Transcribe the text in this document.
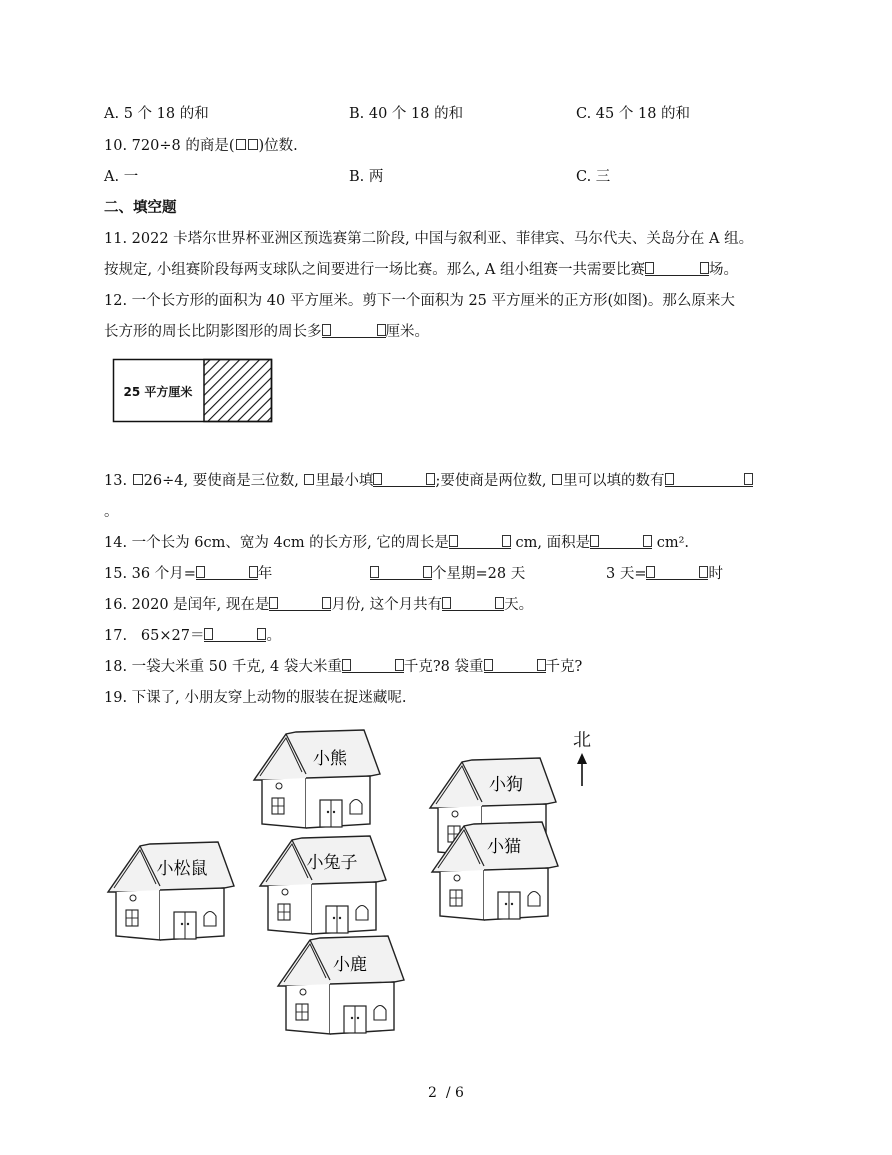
A. 5 个 18 的和	B. 40 个 18 的和	C. 45 个 18 的和
10. 720÷8 的商是( )位数.
A. 一	B. 两	C. 三
二、填空题
11. 2022 卡塔尔世界杯亚洲区预选赛第二阶段, 中国与叙利亚、菲律宾、马尔代夫、关岛分在 A 组。
按规定, 小组赛阶段每两支球队之间要进行一场比赛。那么, A 组小组赛一共需要比赛	场。
12. 一个长方形的面积为 40 平方厘米。剪下一个面积为 25 平方厘米的正方形(如图)。那么原来大
长方形的周长比阴影图形的周长多	厘米。
25 平方厘米
13. 26÷4, 要使商是三位数, 里最小填	;要使商是两位数, 里可以填的数有
。
14. 一个长为 6cm、宽为 4cm 的长方形, 它的周长是	cm, 面积是	cm².
15. 36 个月=	年	个星期=28 天	3 天=	时
16. 2020 是闰年, 现在是	月份, 这个月共有	天。
17.   65×27＝	。
18. 一袋大米重 50 千克, 4 袋大米重	千克?8 袋重	千克?
19. 下课了, 小朋友穿上动物的服装在捉迷藏呢.
北
小熊
小狗
小猫
小松鼠	小兔子
小鹿
2  / 6
